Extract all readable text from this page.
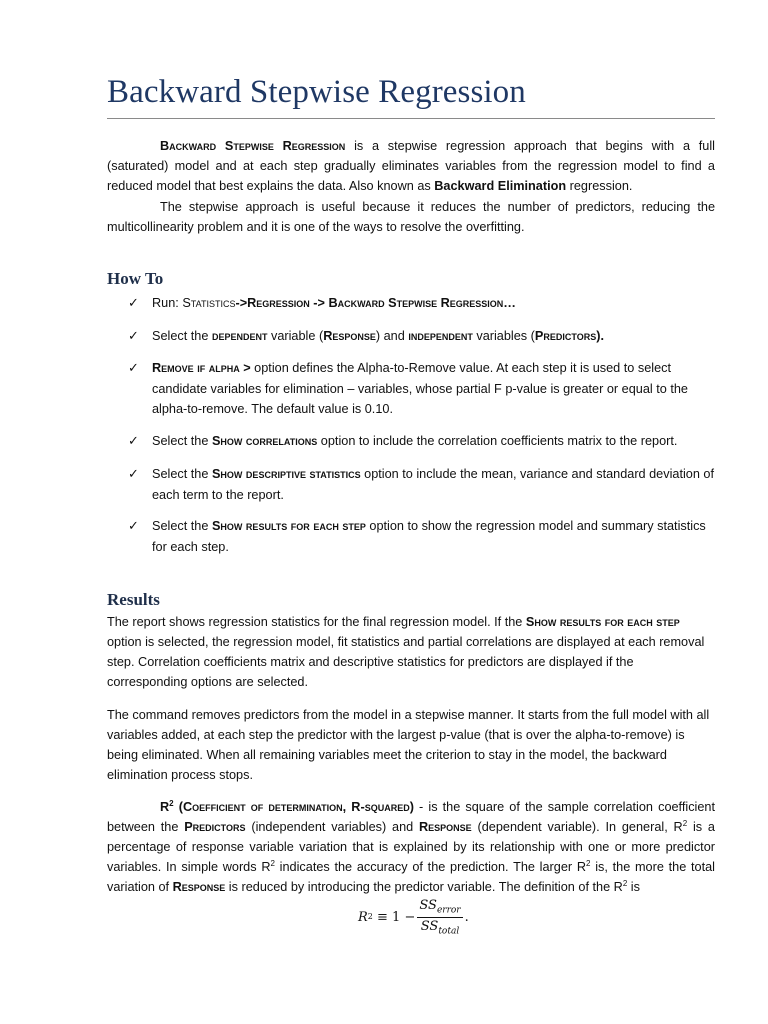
Backward Stepwise Regression

Backward Stepwise Regression is a stepwise regression approach that begins with a full (saturated) model and at each step gradually eliminates variables from the regression model to find a reduced model that best explains the data. Also known as Backward Elimination regression.

The stepwise approach is useful because it reduces the number of predictors, reducing the multicollinearity problem and it is one of the ways to resolve the overfitting.

How To
✓ Run: Statistics->Regression -> Backward Stepwise Regression…
✓ Select the dependent variable (Response) and independent variables (Predictors).
✓ Remove if alpha > option defines the Alpha-to-Remove value. At each step it is used to select candidate variables for elimination – variables, whose partial F p-value is greater or equal to the alpha-to-remove. The default value is 0.10.
✓ Select the Show correlations option to include the correlation coefficients matrix to the report.
✓ Select the Show descriptive statistics option to include the mean, variance and standard deviation of each term to the report.
✓ Select the Show results for each step option to show the regression model and summary statistics for each step.
Results

The report shows regression statistics for the final regression model. If the Show results for each step option is selected, the regression model, fit statistics and partial correlations are displayed at each removal step. Correlation coefficients matrix and descriptive statistics for predictors are displayed if the corresponding options are selected.

The command removes predictors from the model in a stepwise manner. It starts from the full model with all variables added, at each step the predictor with the largest p-value (that is over the alpha-to-remove) is being eliminated. When all remaining variables meet the criterion to stay in the model, the backward elimination process stops.

$R^2$ (Coefficient of determination, R-squared) - is the square of the sample correlation coefficient between the Predictors (independent variables) and Response (dependent variable). In general, $R^2$ is a percentage of response variable variation that is explained by its relationship with one or more predictor variables. In simple words $R^2$ indicates the accuracy of the prediction. The larger $R^2$ is, the more the total variation of Response is reduced by introducing the predictor variable. The definition of the $R^2$ is

R $2 \equiv 1 - \frac{SS_{error}}{SS_{total}}$ .
